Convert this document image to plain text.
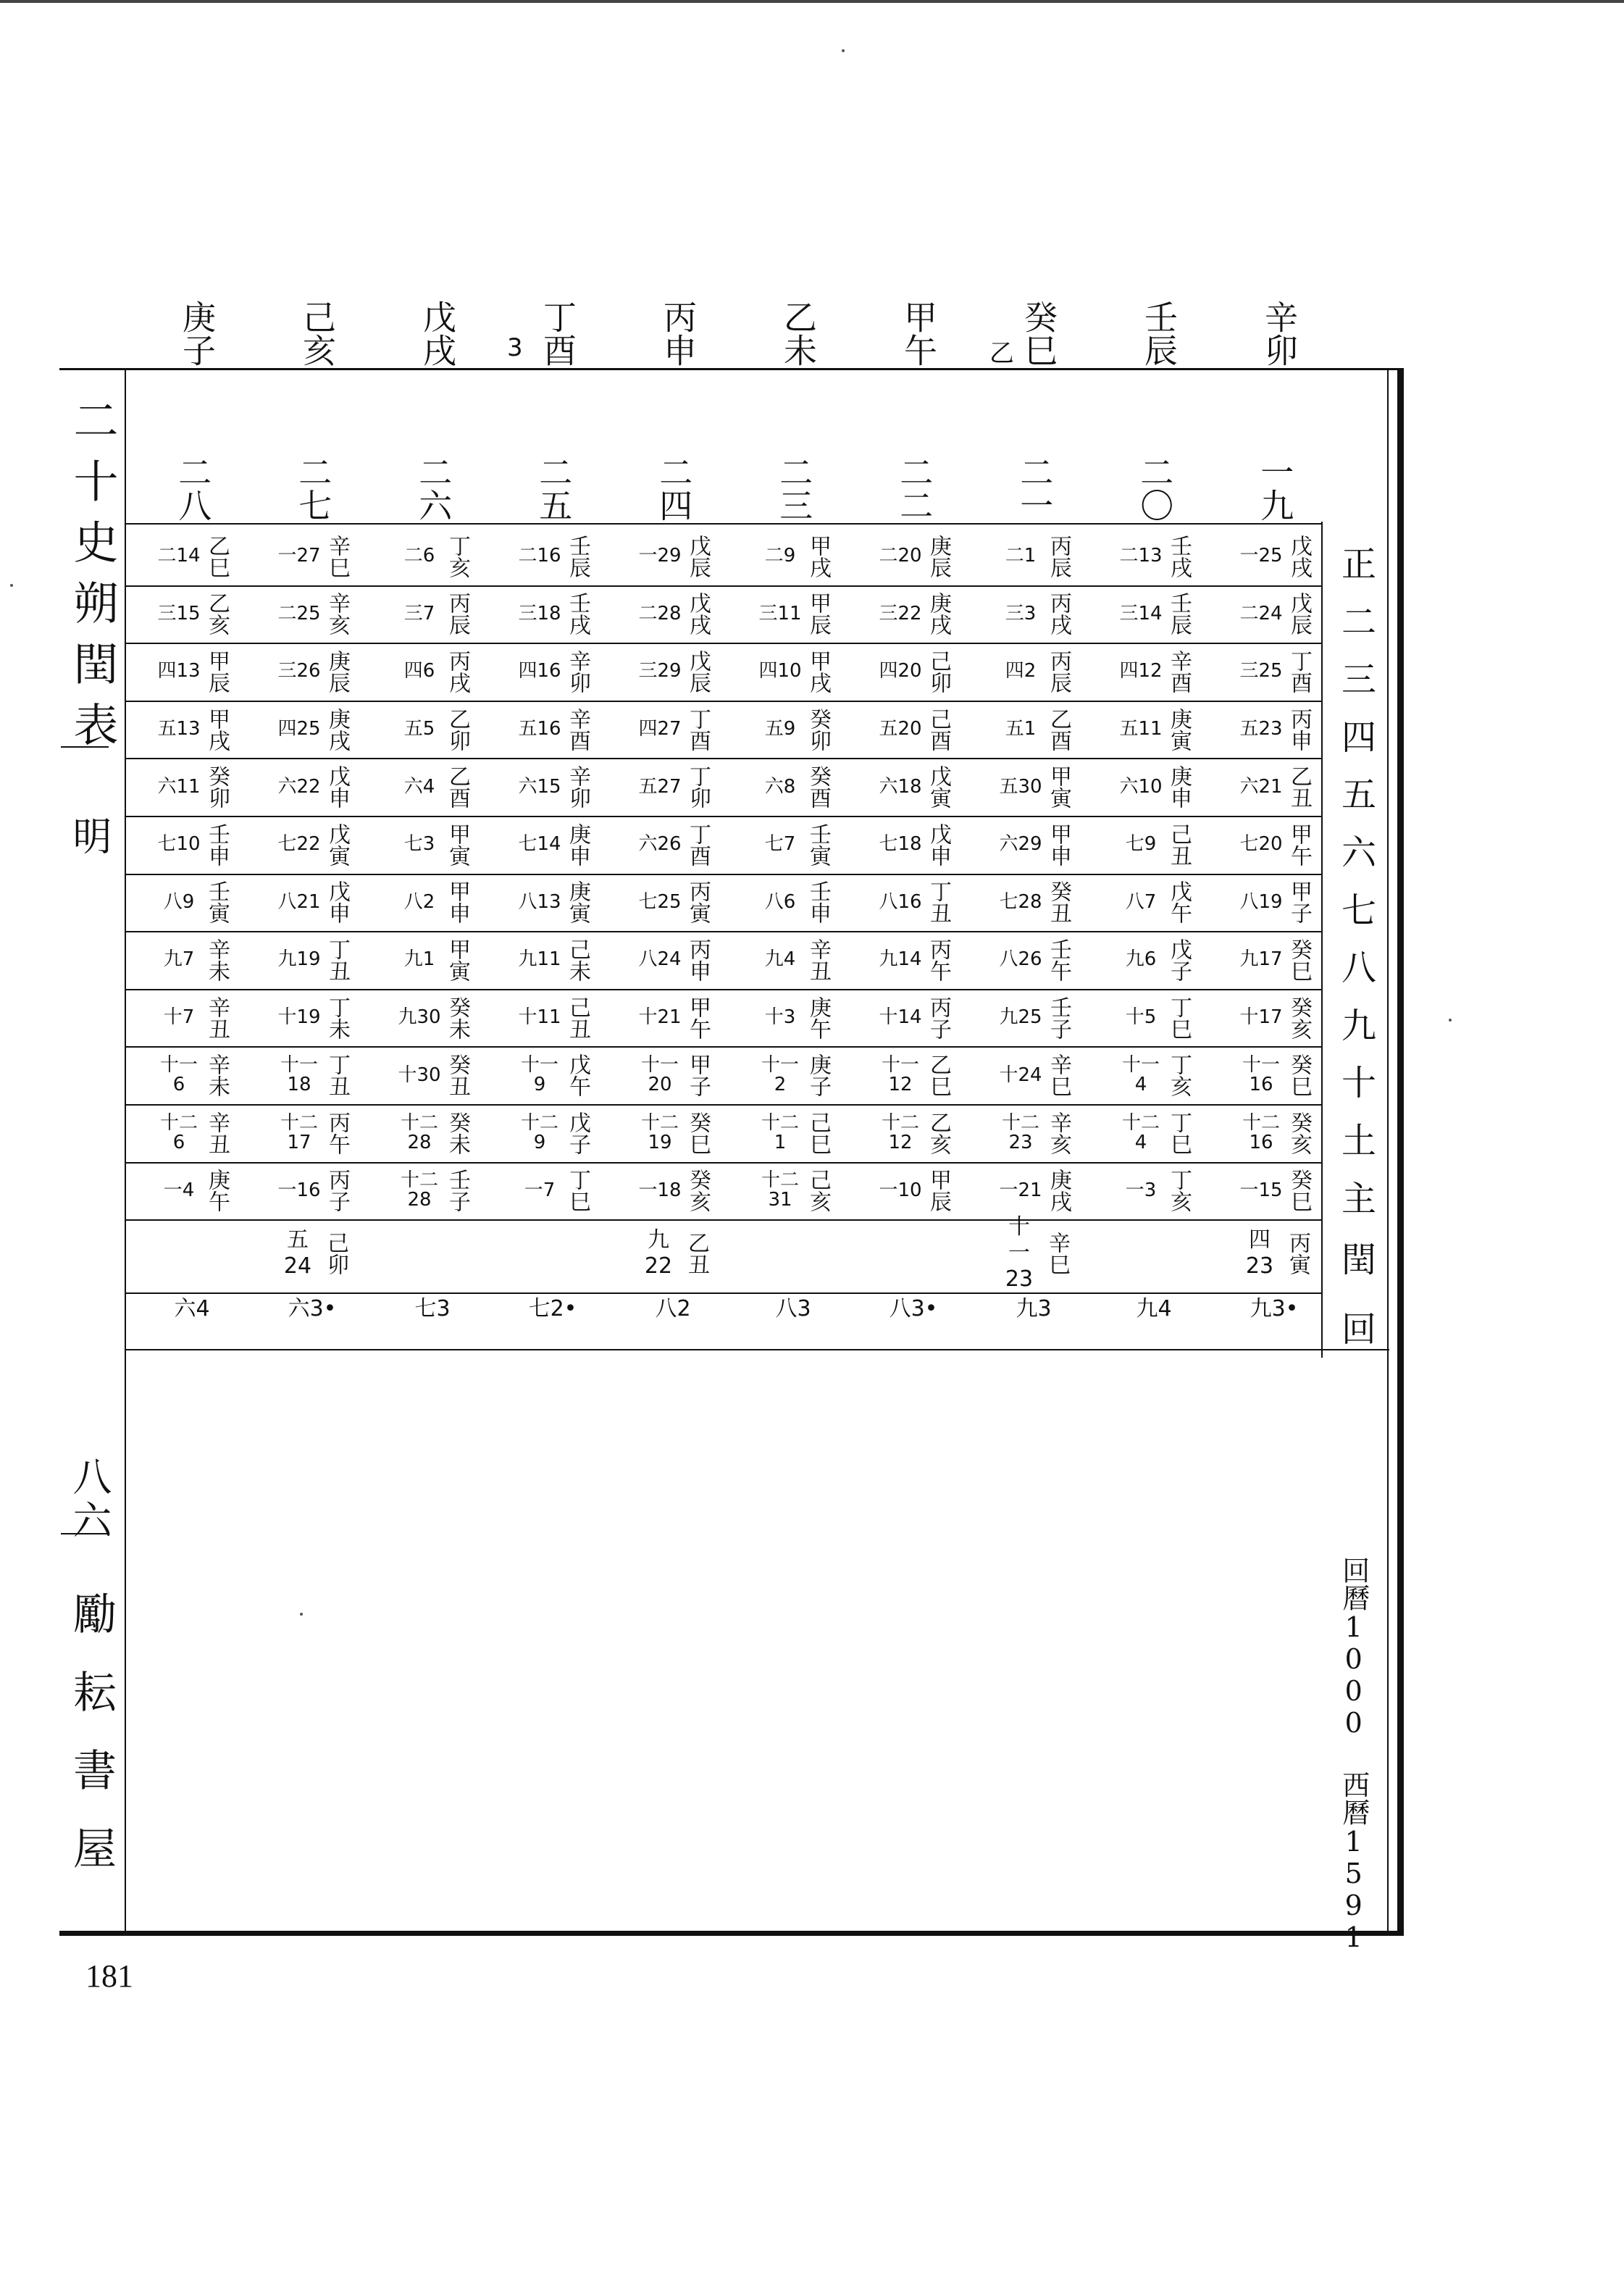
庚子 己亥 戊戌 丁酉 丙申 乙未 甲午 癸巳 壬辰 辛卯
3	乙
二十史朔閏表
明
八六
勵耘書屋
二八 二七 二六 二五 二四 二三 二二 二一 二〇 一九
二14 乙巳
三15 乙亥
四13 甲辰
五13 甲戌
六11 癸卯
七10 壬申
八9 壬寅
九7 辛未
十7 辛丑
十一6 辛未
十二6 辛丑
一4 庚午
六4
一27 辛巳
二25 辛亥
三26 庚辰
四25 庚戌
六22 戊申
七22 戊寅
八21 戊申
九19 丁丑
十19 丁未
十一18 丁丑
十二17 丙午
一16 丙子
五 24 己卯
六3•
二6 丁亥
三7 丙辰
四6 丙戌
五5 乙卯
六4 乙酉
七3 甲寅
八2 甲申
九1 甲寅
九30 癸未
十30 癸丑
十二28 癸未
十二28 壬子
七3
二16 壬辰
三18 壬戌
四16 辛卯
五16 辛酉
六15 辛卯
七14 庚申
八13 庚寅
九11 己未
十11 己丑
十一9 戊午
十二9 戊子
一7 丁巳
七2•
一29 戊辰
二28 戊戌
三29 戊辰
四27 丁酉
五27 丁卯
六26 丁酉
七25 丙寅
八24 丙申
十21 甲午
十一20 甲子
十二19 癸巳
一18 癸亥
九 22 乙丑
八2
二9 甲戌
三11 甲辰
四10 甲戌
五9 癸卯
六8 癸酉
七7 壬寅
八6 壬申
九4 辛丑
十3 庚午
十一2 庚子
十二1 己巳
十二31 己亥
八3
二20 庚辰
三22 庚戌
四20 己卯
五20 己酉
六18 戊寅
七18 戊申
八16 丁丑
九14 丙午
十14 丙子
十一12 乙巳
十二12 乙亥
一10 甲辰
八3•
二1 丙辰
三3 丙戌
四2 丙辰
五1 乙酉
五30 甲寅
六29 甲申
七28 癸丑
八26 壬午
九25 壬子
十24 辛巳
十二23 辛亥
一21 庚戌
十一 23
辛巳
九3
二13 壬戌
三14 壬辰
四12 辛酉
五11 庚寅
六10 庚申
七9 己丑
八7 戊午
九6 戊子
十5 丁巳
十一4 丁亥
十二4 丁巳
一3 丁亥
九4
一25 戊戌
二24 戊辰
三25 丁酉
五23 丙申
六21 乙丑
七20 甲午
八19 甲子
九17 癸巳
十17 癸亥
十一16 癸巳
十二16 癸亥
一15 癸巳
四 23 丙寅
九3•
正
二
三
四
五
六
七
八
九
十
土
主
閏
回
回曆1000 西曆1591
181
